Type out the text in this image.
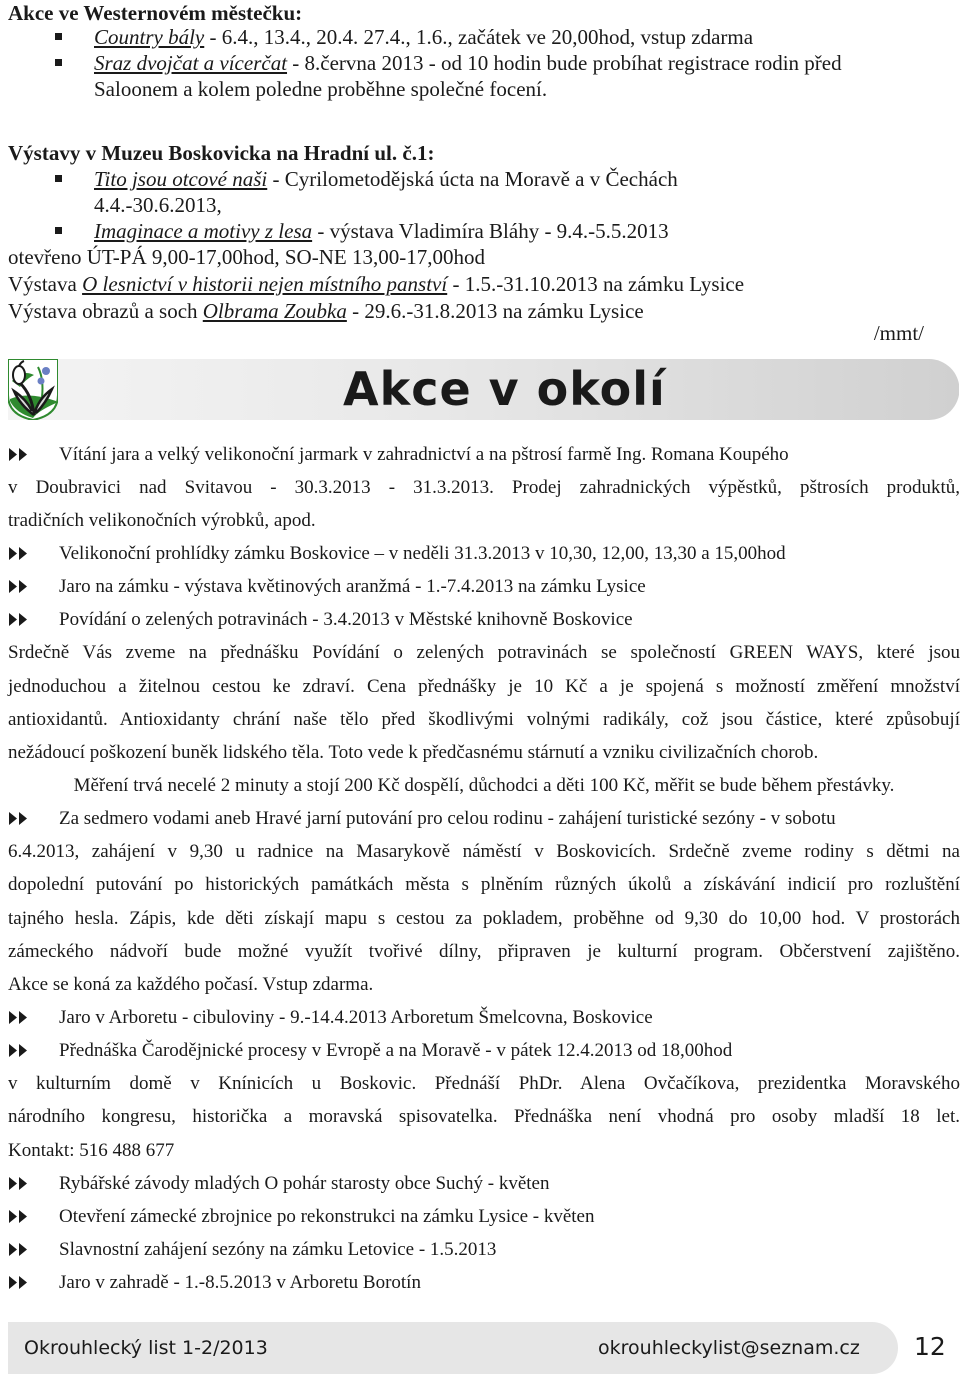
Akce ve Westernovém městečku:
Country bály - 6.4., 13.4., 20.4. 27.4., 1.6., začátek ve 20,00hod, vstup zdarma
Sraz dvojčat a vícerčat - 8.června 2013 - od 10 hodin bude probíhat registrace rodin před
Saloonem a kolem poledne proběhne společné focení.
Výstavy v Muzeu Boskovicka na Hradní ul. č.1:
Tito jsou otcové naši - Cyrilometodějská úcta na Moravě a v Čechách
4.4.-30.6.2013,
Imaginace a motivy z lesa - výstava Vladimíra Bláhy - 9.4.-5.5.2013
otevřeno ÚT-PÁ 9,00-17,00hod, SO-NE 13,00-17,00hod
Výstava O lesnictví v historii nejen místního panství - 1.5.-31.10.2013 na zámku Lysice
Výstava obrazů a soch Olbrama Zoubka - 29.6.-31.8.2013 na zámku Lysice
/mmt/
Akce v okolí
Vítání jara a velký velikonoční jarmark v zahradnictví a na pštrosí farmě Ing. Romana Koupého
v Doubravici nad Svitavou - 30.3.2013 - 31.3.2013. Prodej zahradnických výpěstků, pštrosích produktů,
tradičních velikonočních výrobků, apod.
Velikonoční prohlídky zámku Boskovice – v neděli 31.3.2013 v 10,30, 12,00, 13,30 a 15,00hod
Jaro na zámku - výstava květinových aranžmá - 1.-7.4.2013 na zámku Lysice
Povídání o zelených potravinách - 3.4.2013 v Městské knihovně Boskovice
Srdečně Vás zveme na přednášku Povídání o zelených potravinách se společností GREEN WAYS, které jsou
jednoduchou a žitelnou cestou ke zdraví. Cena přednášky je 10 Kč a je spojená s možností změření množství
antioxidantů. Antioxidanty chrání naše tělo před škodlivými volnými radikály, což jsou částice, které způsobují
nežádoucí poškození buněk lidského těla. Toto vede k předčasnému stárnutí a vzniku civilizačních chorob.
Měření trvá necelé 2 minuty a stojí 200 Kč dospělí, důchodci a děti 100 Kč, měřit se bude během přestávky.
Za sedmero vodami aneb Hravé jarní putování pro celou rodinu - zahájení turistické sezóny - v sobotu
6.4.2013, zahájení v 9,30 u radnice na Masarykově náměstí v Boskovicích. Srdečně zveme rodiny s dětmi na
dopolední putování po historických památkách města s plněním různých úkolů a získávání indicií pro rozluštění
tajného hesla. Zápis, kde děti získají mapu s cestou za pokladem, proběhne od 9,30 do 10,00 hod. V prostorách
zámeckého nádvoří bude možné využít tvořivé dílny, připraven je kulturní program. Občerstvení zajištěno.
Akce se koná za každého počasí. Vstup zdarma.
Jaro v Arboretu - cibuloviny - 9.-14.4.2013 Arboretum Šmelcovna, Boskovice
Přednáška Čarodějnické procesy v Evropě a na Moravě - v pátek 12.4.2013 od 18,00hod
v kulturním domě v Knínicích u Boskovic. Přednáší PhDr. Alena Ovčačíkova, prezidentka Moravského
národního kongresu, historička a moravská spisovatelka. Přednáška není vhodná pro osoby mladší 18 let.
Kontakt: 516 488 677
Rybářské závody mladých O pohár starosty obce Suchý - květen
Otevření zámecké zbrojnice po rekonstrukci na zámku Lysice - květen
Slavnostní zahájení sezóny na zámku Letovice - 1.5.2013
Jaro v zahradě - 1.-8.5.2013 v Arboretu Borotín
Okrouhlecký list 1-2/2013	okrouhleckylist@seznam.cz 12
